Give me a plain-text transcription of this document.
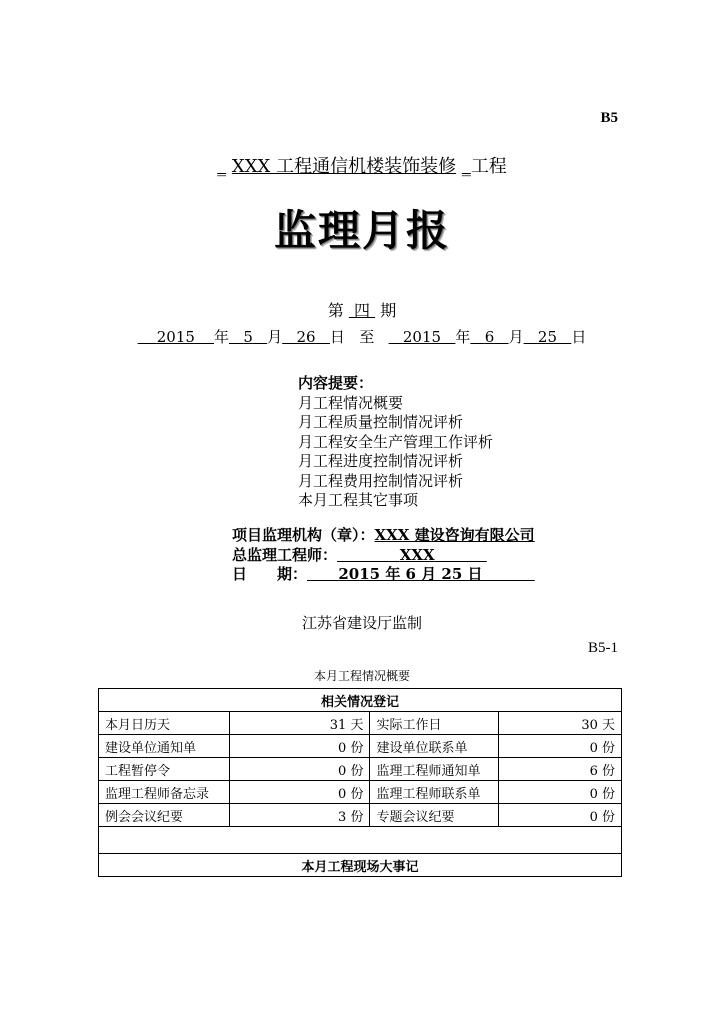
B5
_ XXX 工程通信机楼装饰装修 _工程
监理月报
第 四 期
2015 年 5 月 26 日 至 2015 年 6 月 25 日
内容提要：
月工程情况概要
月工程质量控制情况评析
月工程安全生产管理工作评析
月工程进度控制情况评析
月工程费用控制情况评析
本月工程其它事项
项目监理机构（章）：XXX 建设咨询有限公司
总监理工程师：	XXX
日　　期： 2015 年 6 月 25 日
江苏省建设厅监制
B5-1
本月工程情况概要
相关情况登记			
本月日历天	31 天	实际工作日	30 天
建设单位通知单	0 份	建设单位联系单	0 份
工程暂停令	0 份	监理工程师通知单	6 份
监理工程师备忘录	0 份	监理工程师联系单	0 份
例会会议纪要	3 份	专题会议纪要	0 份

本月工程现场大事记			
